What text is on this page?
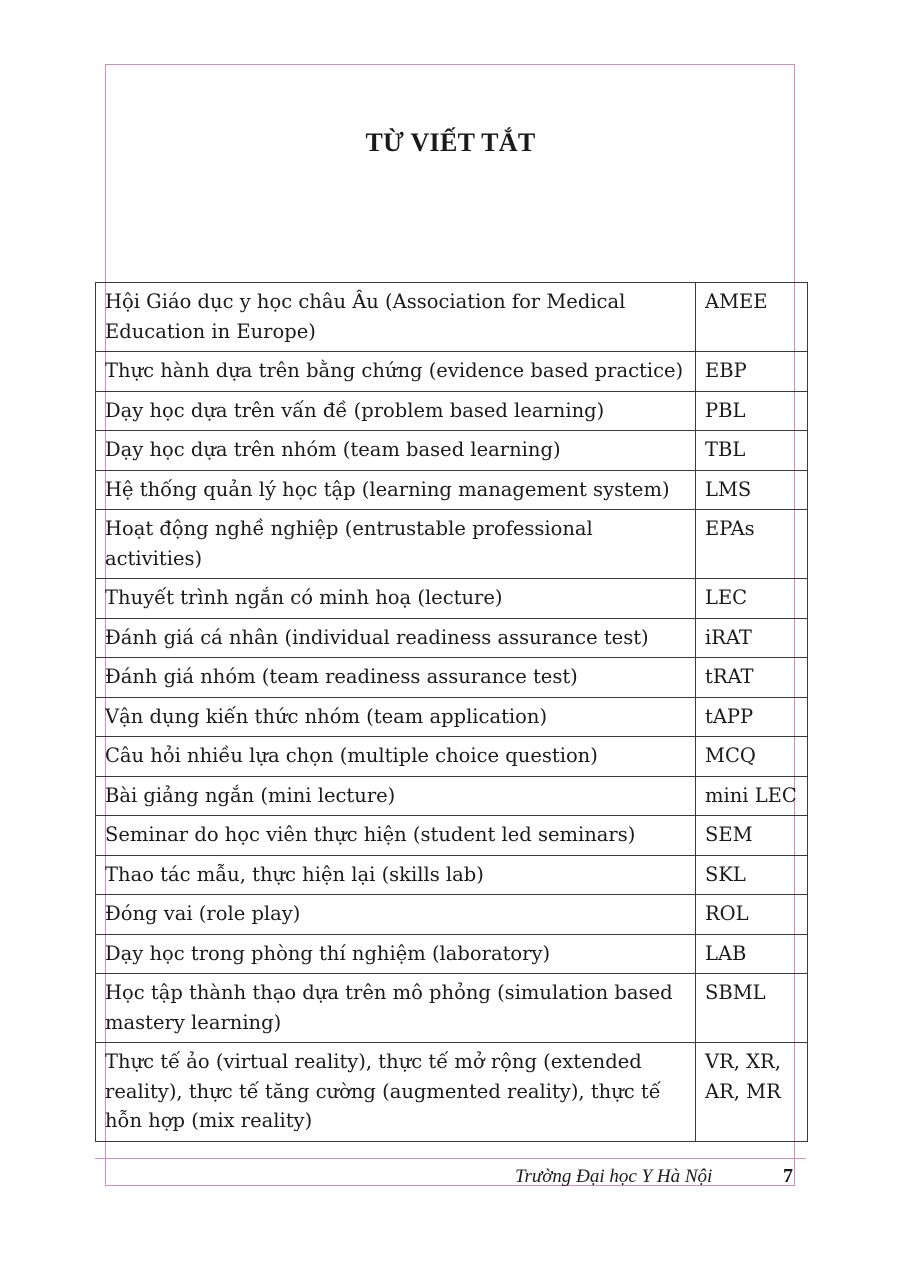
TỪ VIẾT TẮT
Hội Giáo dục y học châu Âu (Association for Medical Education in Europe)	AMEE
Thực hành dựa trên bằng chứng (evidence based practice)	EBP
Dạy học dựa trên vấn đề (problem based learning)	PBL
Dạy học dựa trên nhóm (team based learning)	TBL
Hệ thống quản lý học tập (learning management system)	LMS
Hoạt động nghề nghiệp (entrustable professional activities)	EPAs
Thuyết trình ngắn có minh hoạ (lecture)	LEC
Đánh giá cá nhân (individual readiness assurance test)	iRAT
Đánh giá nhóm (team readiness assurance test)	tRAT
Vận dụng kiến thức nhóm (team application)	tAPP
Câu hỏi nhiều lựa chọn (multiple choice question)	MCQ
Bài giảng ngắn (mini lecture)	mini LEC
Seminar do học viên thực hiện (student led seminars)	SEM
Thao tác mẫu, thực hiện lại (skills lab)	SKL
Đóng vai (role play)	ROL
Dạy học trong phòng thí nghiệm (laboratory)	LAB
Học tập thành thạo dựa trên mô phỏng (simulation based mastery learning)	SBML
Thực tế ảo (virtual reality), thực tế mở rộng (extended reality), thực tế tăng cường (augmented reality), thực tế hỗn hợp (mix reality)	VR, XR, AR, MR
Trường Đại học Y Hà Nội	7
